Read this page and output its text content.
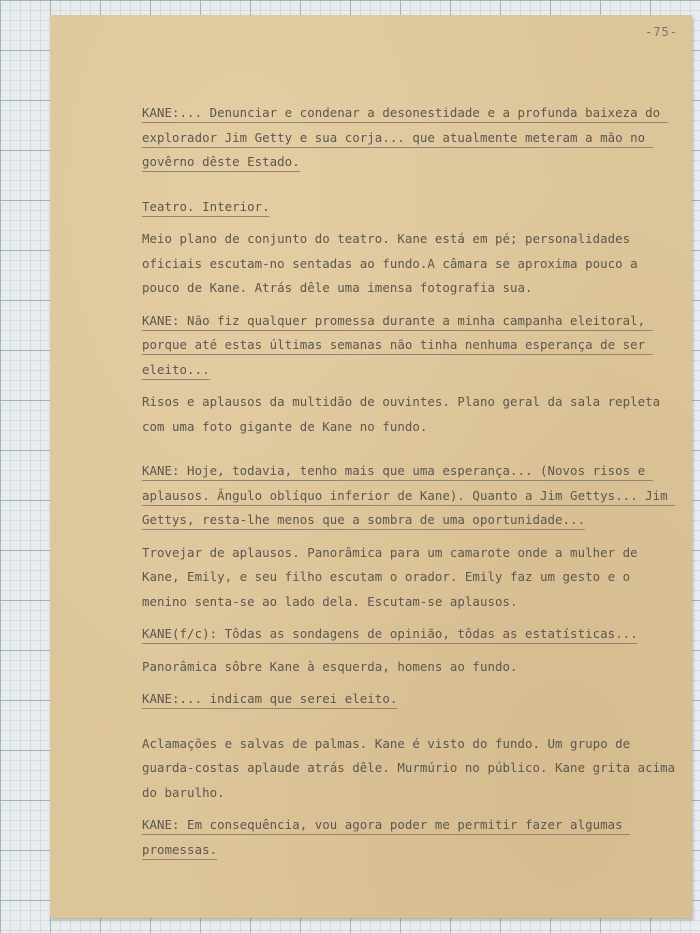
-75-

KANE:... Denunciar e condenar a desonestidade e a profunda baixeza do explorador Jim Getty e sua corja... que atualmente meteram a mão no govêrno dêste Estado.

Teatro. Interior.

Meio plano de conjunto do teatro. Kane está em pé; personalidades oficiais escutam-no sentadas ao fundo.A câmara se aproxima pouco a pouco de Kane. Atrás dêle uma imensa fotografia sua.

KANE: Não fiz qualquer promessa durante a minha campanha eleitoral, porque até estas últimas semanas não tinha nenhuma esperança de ser eleito...

Risos e aplausos da multidão de ouvintes. Plano geral da sala repleta com uma foto gigante de Kane no fundo.

KANE: Hoje, todavia, tenho mais que uma esperança... (Novos risos e aplausos. Ângulo oblíquo inferior de Kane). Quanto a Jim Gettys... Jim Gettys, resta-lhe menos que a sombra de uma oportunidade...

Trovejar de aplausos. Panorâmica para um camarote onde a mulher de Kane, Emily, e seu filho escutam o orador. Emily faz um gesto e o menino senta-se ao lado dela. Escutam-se aplausos.

KANE(f/c): Tôdas as sondagens de opinião, tôdas as estatísticas...

Panorâmica sôbre Kane à esquerda, homens ao fundo.

KANE:... indicam que serei eleito.

Aclamações e salvas de palmas. Kane é visto do fundo. Um grupo de guarda-costas aplaude atrás dêle. Murmúrio no público. Kane grita acima do barulho.

KANE: Em consequência, vou agora poder me permitir fazer algumas promessas.
